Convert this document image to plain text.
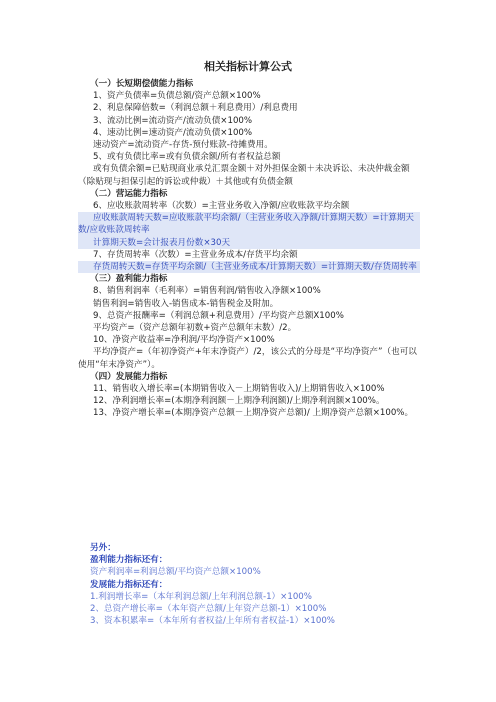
相关指标计算公式
（一）长短期偿债能力指标
1、资产负债率=负债总额/资产总额×100%
2、利息保障倍数=（利润总额＋利息费用）/利息费用
3、流动比例=流动资产/流动负债×100%
4、速动比例=速动资产/流动负债×100%
速动资产=流动资产-存货-预付账款-待摊费用。
5、或有负债比率=或有负债余额/所有者权益总额
或有负债余额=已贴现商业承兑汇票金额＋对外担保金额＋未决诉讼、未决仲裁金额（除贴现与担保引起的诉讼或仲裁）＋其他或有负债金额
（二）营运能力指标
6、应收账款周转率（次数）=主营业务收入净额/应收账款平均余额
应收账款周转天数=应收账款平均余额/（主营业务收入净额/计算期天数）=计算期天数/应收账款周转率
计算期天数=会计报表月份数×30天
7、存货周转率（次数）=主营业务成本/存货平均余额
存货周转天数=存货平均余额/（主营业务成本/计算期天数）=计算期天数/存货周转率
（三）盈利能力指标
8、销售利润率（毛利率）=销售利润/销售收入净额×100%
销售利润=销售收入-销售成本-销售税金及附加。
9、总资产报酬率=（利润总额+利息费用）/平均资产总额X100%
平均资产=（资产总额年初数+资产总额年末数）/2。
10、净资产收益率=净利润/平均净资产×100%
平均净资产=（年初净资产+年末净资产）/2，该公式的分母是“平均净资产”（也可以使用“年末净资产”）。
（四）发展能力指标
11、销售收入增长率=(本期销售收入－上期销售收入)/上期销售收入×100%
12、净利润增长率=(本期净利润额－上期净利润额)/上期净利润额×100%。
13、净资产增长率=(本期净资产总额－上期净资产总额)/ 上期净资产总额×100%。
另外：
盈利能力指标还有：
资产利润率=利润总额/平均资产总额×100%
发展能力指标还有：
1.利润增长率=（本年利润总额/上年利润总额-1）×100%
2、总资产增长率=（本年资产总额/上年资产总额-1）×100%
3、资本积累率=（本年所有者权益/上年所有者权益-1）×100%
